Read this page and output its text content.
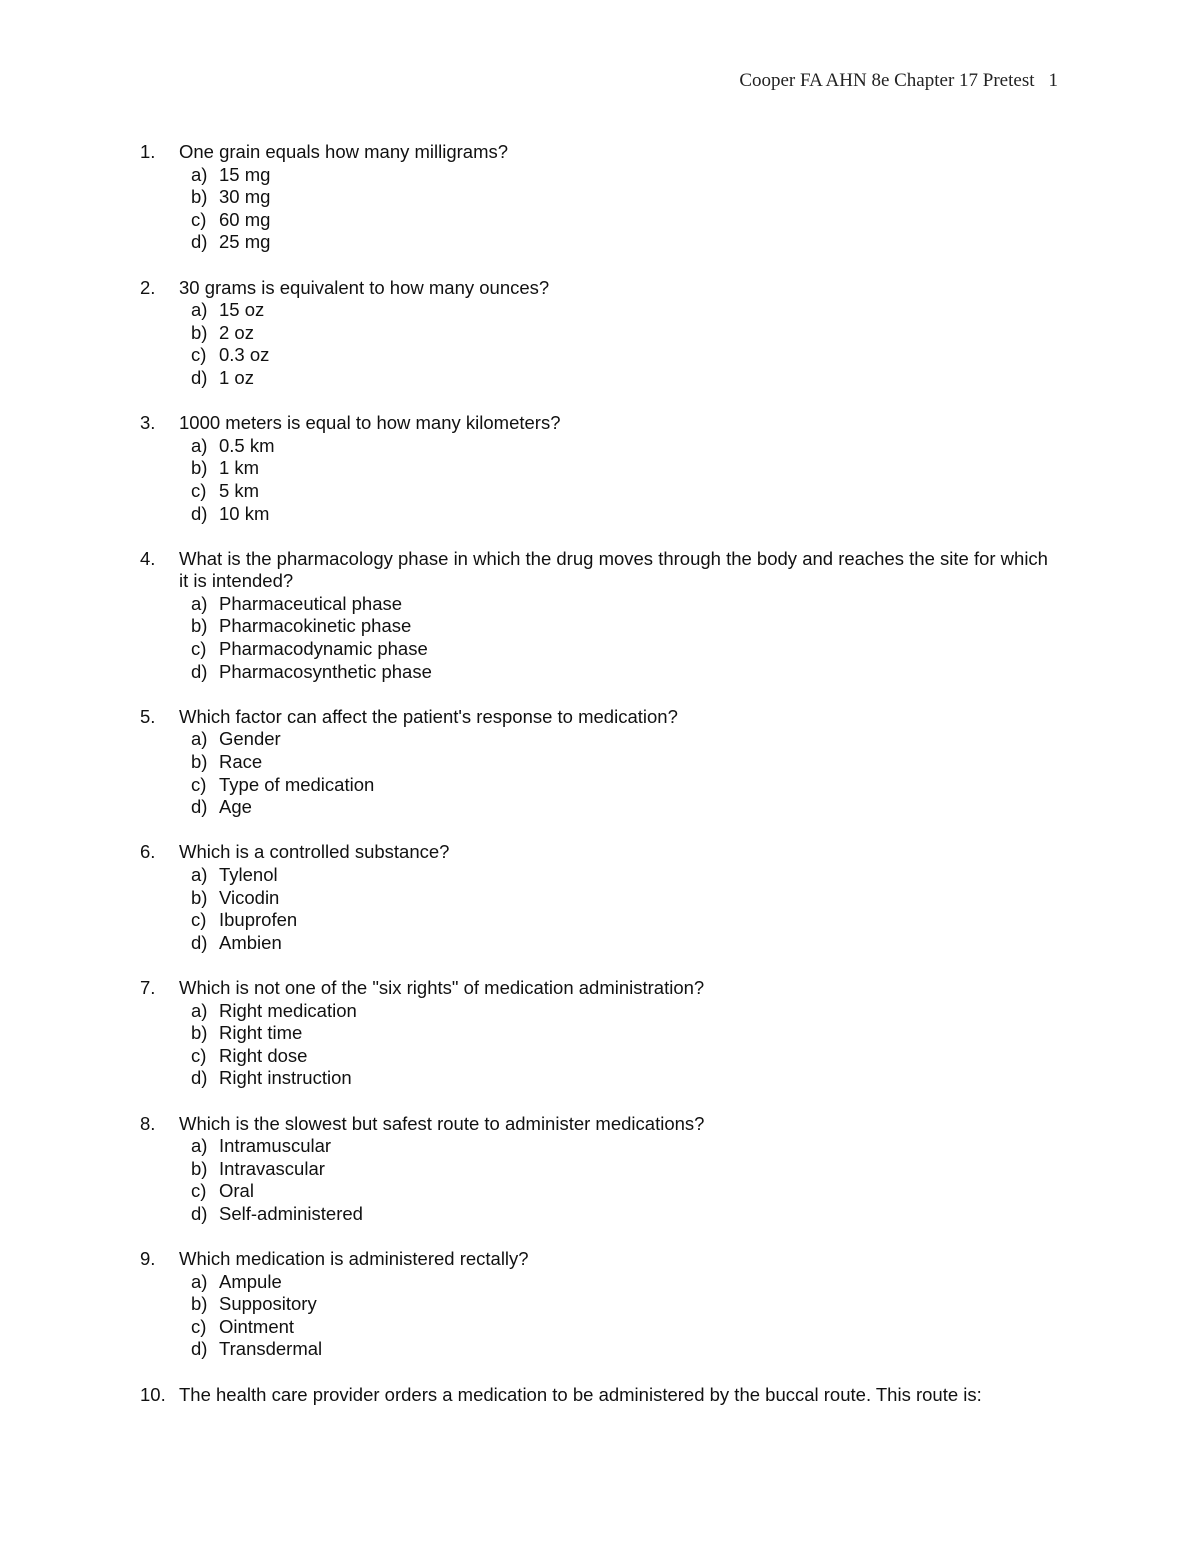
Cooper FA AHN 8e Chapter 17 Pretest 1
1.	One grain equals how many milligrams?
a) 15 mg
b) 30 mg
c) 60 mg
d) 25 mg
2.	30 grams is equivalent to how many ounces?
a) 15 oz
b) 2 oz
c) 0.3 oz
d) 1 oz
3.	1000 meters is equal to how many kilometers?
a) 0.5 km
b) 1 km
c) 5 km
d) 10 km
4.	What is the pharmacology phase in which the drug moves through the body and reaches the site for which it is intended?
a) Pharmaceutical phase
b) Pharmacokinetic phase
c) Pharmacodynamic phase
d) Pharmacosynthetic phase
5.	Which factor can affect the patient's response to medication?
a) Gender
b) Race
c) Type of medication
d) Age
6.	Which is a controlled substance?
a) Tylenol
b) Vicodin
c) Ibuprofen
d) Ambien
7.	Which is not one of the "six rights" of medication administration?
a) Right medication
b) Right time
c) Right dose
d) Right instruction
8.	Which is the slowest but safest route to administer medications?
a) Intramuscular
b) Intravascular
c) Oral
d) Self-administered
9.	Which medication is administered rectally?
a) Ampule
b) Suppository
c) Ointment
d) Transdermal
10. The health care provider orders a medication to be administered by the buccal route. This route is:
